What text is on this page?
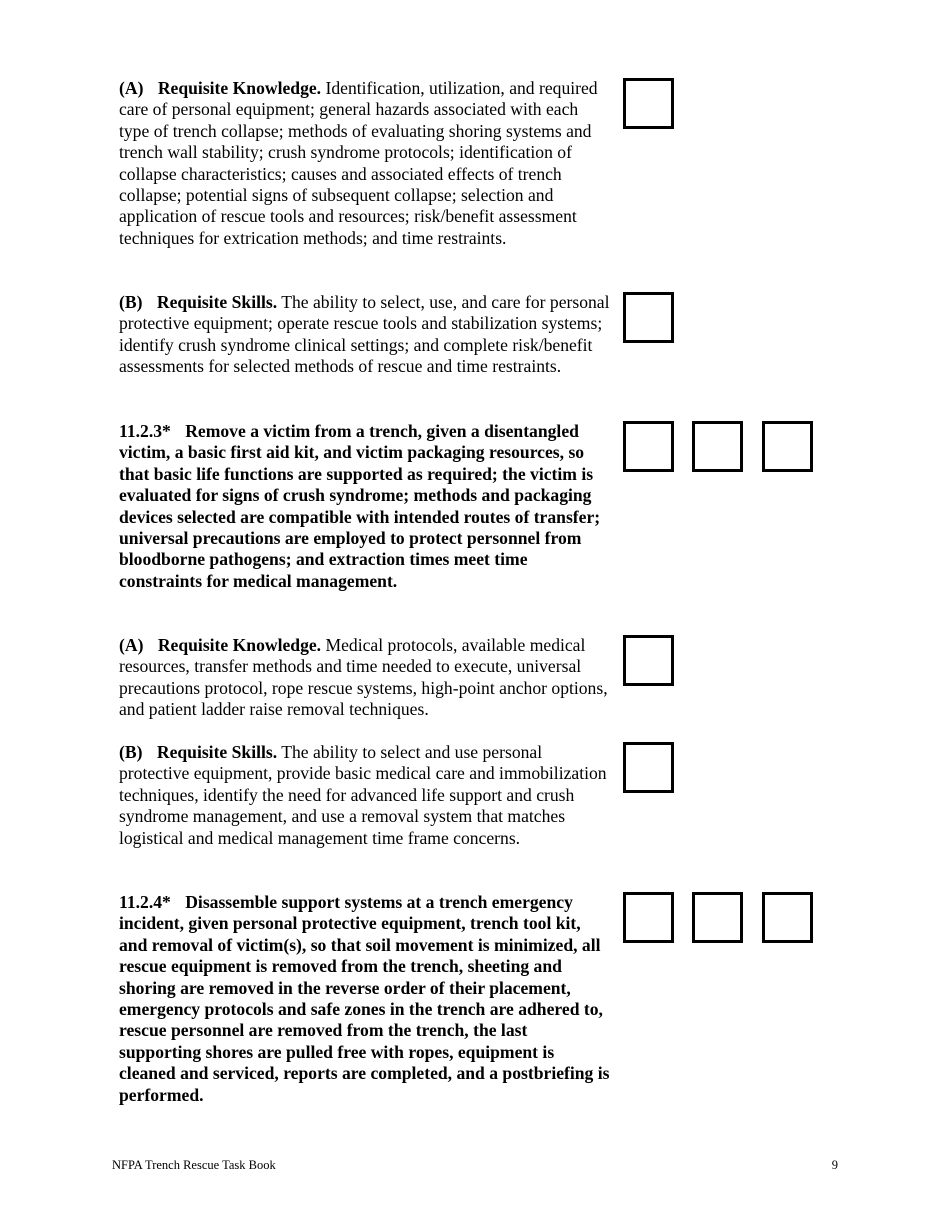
(A) Requisite Knowledge. Identification, utilization, and required care of personal equipment; general hazards associated with each type of trench collapse; methods of evaluating shoring systems and trench wall stability; crush syndrome protocols; identification of collapse characteristics; causes and associated effects of trench collapse; potential signs of subsequent collapse; selection and application of rescue tools and resources; risk/benefit assessment techniques for extrication methods; and time restraints.

(B) Requisite Skills. The ability to select, use, and care for personal protective equipment; operate rescue tools and stabilization systems; identify crush syndrome clinical settings; and complete risk/benefit assessments for selected methods of rescue and time restraints.

11.2.3* Remove a victim from a trench, given a disentangled victim, a basic first aid kit, and victim packaging resources, so that basic life functions are supported as required; the victim is evaluated for signs of crush syndrome; methods and packaging devices selected are compatible with intended routes of transfer; universal precautions are employed to protect personnel from bloodborne pathogens; and extraction times meet time constraints for medical management.

(A) Requisite Knowledge. Medical protocols, available medical resources, transfer methods and time needed to execute, universal precautions protocol, rope rescue systems, high-point anchor options, and patient ladder raise removal techniques.

(B) Requisite Skills. The ability to select and use personal protective equipment, provide basic medical care and immobilization techniques, identify the need for advanced life support and crush syndrome management, and use a removal system that matches logistical and medical management time frame concerns.

11.2.4* Disassemble support systems at a trench emergency incident, given personal protective equipment, trench tool kit, and removal of victim(s), so that soil movement is minimized, all rescue equipment is removed from the trench, sheeting and shoring are removed in the reverse order of their placement, emergency protocols and safe zones in the trench are adhered to, rescue personnel are removed from the trench, the last supporting shores are pulled free with ropes, equipment is cleaned and serviced, reports are completed, and a postbriefing is performed.

NFPA Trench Rescue Task Book	9
